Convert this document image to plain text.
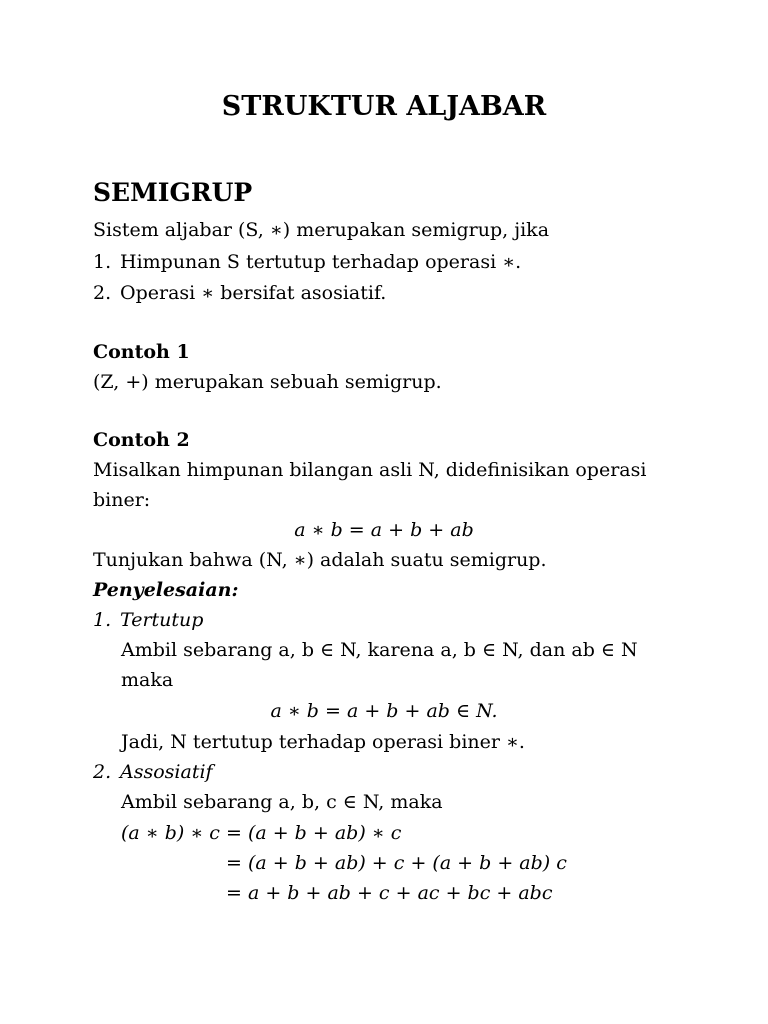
STRUKTUR ALJABAR
SEMIGRUP
Sistem aljabar (S, ∗) merupakan semigrup, jika
1. Himpunan S tertutup terhadap operasi ∗.
2. Operasi ∗ bersifat asosiatif.
Contoh 1
(Z, +) merupakan sebuah semigrup.
Contoh 2
Misalkan himpunan bilangan asli N, didefinisikan operasi
biner:
a ∗ b = a + b + ab
Tunjukan bahwa (N, ∗) adalah suatu semigrup.
Penyelesaian:
1. Tertutup
Ambil sebarang a, b ∈ N, karena a, b ∈ N, dan ab ∈ N
maka
a ∗ b = a + b + ab ∈ N.
Jadi, N tertutup terhadap operasi biner ∗.
2. Assosiatif
Ambil sebarang a, b, c ∈ N, maka
(a ∗ b) ∗ c = (a + b + ab) ∗ c
= (a + b + ab) + c + (a + b + ab) c
= a + b + ab + c + ac + bc + abc
